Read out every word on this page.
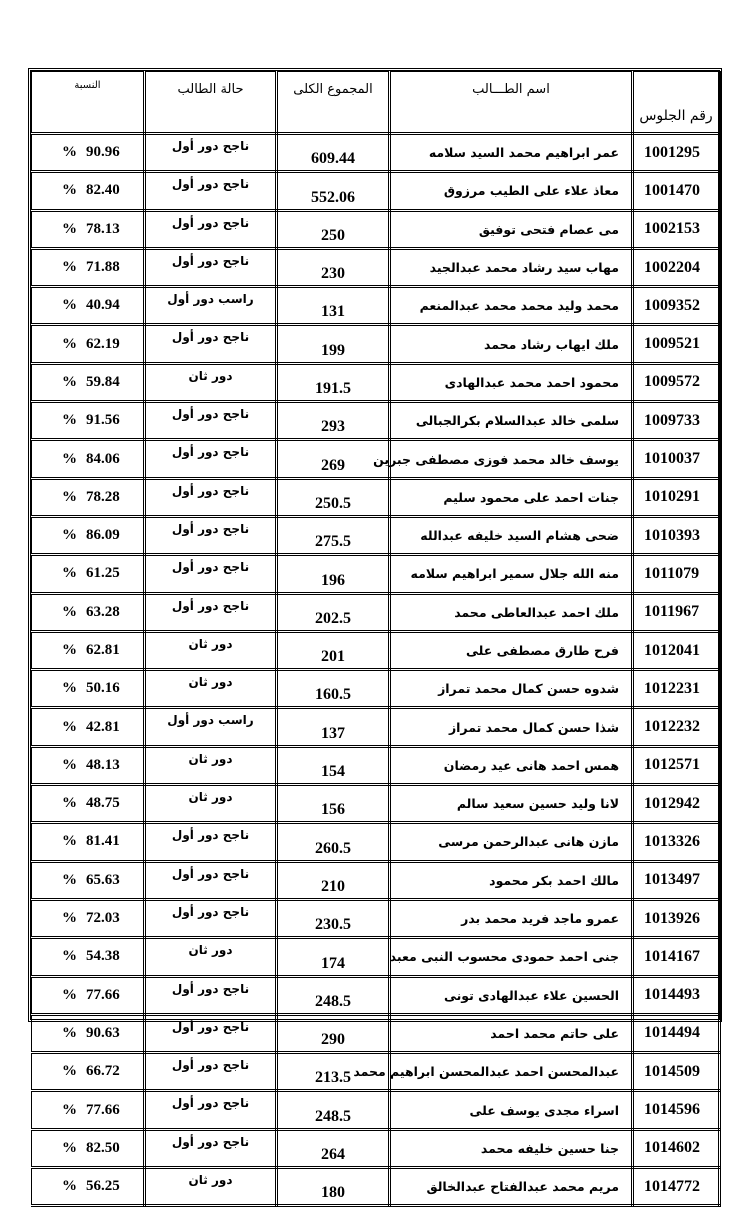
النسبة	حالة الطالب	المجموع الكلى	اسم الطـــالب	رقم الجلوس
% 90.96	ناجح دور أول	609.44	عمر ابراهيم محمد السيد سلامه	1001295
% 82.40	ناجح دور أول	552.06	معاذ علاء على الطيب مرزوق	1001470
% 78.13	ناجح دور أول	250	مى عصام فتحى توفيق	1002153
% 71.88	ناجح دور أول	230	مهاب سيد رشاد محمد عبدالجيد	1002204
% 40.94	راسب دور أول	131	محمد وليد محمد محمد عبدالمنعم	1009352
% 62.19	ناجح دور أول	199	ملك ايهاب رشاد محمد	1009521
% 59.84	دور ثان	191.5	محمود احمد محمد عبدالهادى	1009572
% 91.56	ناجح دور أول	293	سلمى خالد عبدالسلام بكرالجبالى	1009733
% 84.06	ناجح دور أول	269	يوسف خالد محمد فوزى مصطفى جبرين	1010037
% 78.28	ناجح دور أول	250.5	جنات احمد على محمود سليم	1010291
% 86.09	ناجح دور أول	275.5	ضحى هشام السيد خليفه عبدالله	1010393
% 61.25	ناجح دور أول	196	منه الله جلال سمير ابراهيم سلامه	1011079
% 63.28	ناجح دور أول	202.5	ملك احمد عبدالعاطى محمد	1011967
% 62.81	دور ثان	201	فرح طارق مصطفى على	1012041
% 50.16	دور ثان	160.5	شدوه حسن كمال محمد تمراز	1012231
% 42.81	راسب دور أول	137	شذا حسن كمال محمد تمراز	1012232
% 48.13	دور ثان	154	همس احمد هانى عيد رمضان	1012571
% 48.75	دور ثان	156	لانا وليد حسين سعيد سالم	1012942
% 81.41	ناجح دور أول	260.5	مازن هانى عبدالرحمن مرسى	1013326
% 65.63	ناجح دور أول	210	مالك احمد بكر محمود	1013497
% 72.03	ناجح دور أول	230.5	عمرو ماجد فريد محمد بدر	1013926
% 54.38	دور ثان	174	جنى احمد حمودى محسوب النبى معبد	1014167
% 77.66	ناجح دور أول	248.5	الحسين علاء عبدالهادى تونى	1014493
% 90.63	ناجح دور أول	290	على حاتم محمد احمد	1014494
% 66.72	ناجح دور أول	213.5	عبدالمحسن احمد عبدالمحسن ابراهيم محمد	1014509
% 77.66	ناجح دور أول	248.5	اسراء مجدى يوسف على	1014596
% 82.50	ناجح دور أول	264	جنا حسين خليفه محمد	1014602
% 56.25	دور ثان	180	مريم محمد عبدالفتاح عبدالخالق	1014772
